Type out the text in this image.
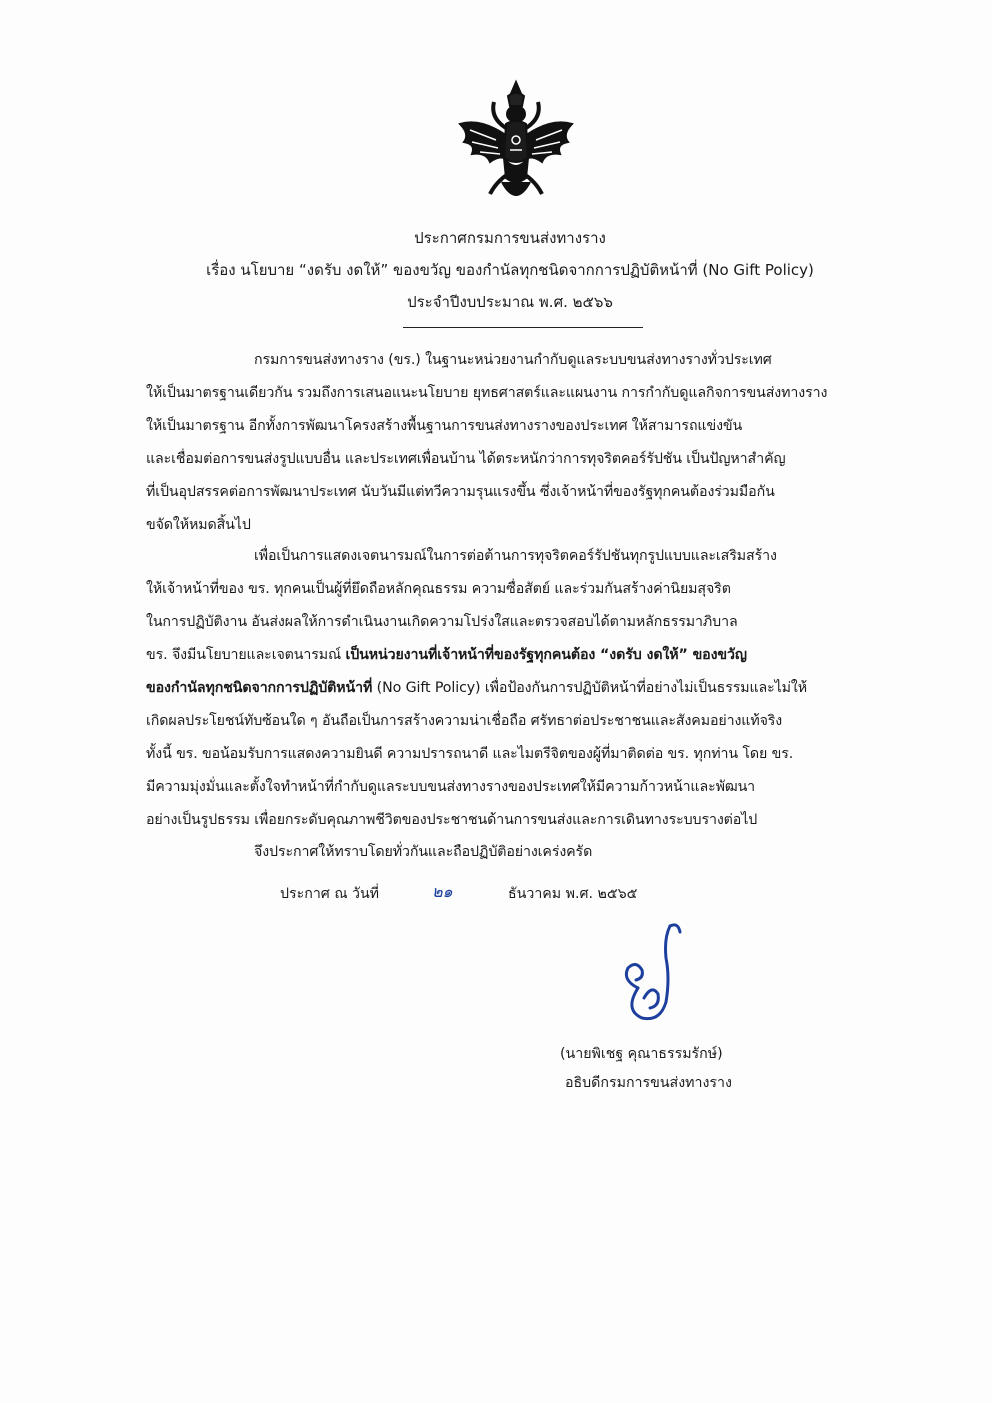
ประกาศกรมการขนส่งทางราง
เรื่อง นโยบาย “งดรับ งดให้” ของขวัญ ของกำนัลทุกชนิดจากการปฏิบัติหน้าที่ (No Gift Policy)
ประจำปีงบประมาณ พ.ศ. ๒๕๖๖
กรมการขนส่งทางราง (ขร.) ในฐานะหน่วยงานกำกับดูแลระบบขนส่งทางรางทั่วประเทศ
ให้เป็นมาตรฐานเดียวกัน รวมถึงการเสนอแนะนโยบาย ยุทธศาสตร์และแผนงาน การกำกับดูแลกิจการขนส่งทางราง
ให้เป็นมาตรฐาน อีกทั้งการพัฒนาโครงสร้างพื้นฐานการขนส่งทางรางของประเทศ ให้สามารถแข่งขัน
และเชื่อมต่อการขนส่งรูปแบบอื่น และประเทศเพื่อนบ้าน ได้ตระหนักว่าการทุจริตคอร์รัปชัน เป็นปัญหาสำคัญ
ที่เป็นอุปสรรคต่อการพัฒนาประเทศ นับวันมีแต่ทวีความรุนแรงขึ้น ซึ่งเจ้าหน้าที่ของรัฐทุกคนต้องร่วมมือกัน
ขจัดให้หมดสิ้นไป
เพื่อเป็นการแสดงเจตนารมณ์ในการต่อต้านการทุจริตคอร์รัปชันทุกรูปแบบและเสริมสร้าง
ให้เจ้าหน้าที่ของ ขร. ทุกคนเป็นผู้ที่ยึดถือหลักคุณธรรม ความซื่อสัตย์ และร่วมกันสร้างค่านิยมสุจริต
ในการปฏิบัติงาน อันส่งผลให้การดำเนินงานเกิดความโปร่งใสและตรวจสอบได้ตามหลักธรรมาภิบาล
ขร. จึงมีนโยบายและเจตนารมณ์ เป็นหน่วยงานที่เจ้าหน้าที่ของรัฐทุกคนต้อง “งดรับ งดให้” ของขวัญ
ของกำนัลทุกชนิดจากการปฏิบัติหน้าที่ (No Gift Policy) เพื่อป้องกันการปฏิบัติหน้าที่อย่างไม่เป็นธรรมและไม่ให้
เกิดผลประโยชน์ทับซ้อนใด ๆ อันถือเป็นการสร้างความน่าเชื่อถือ ศรัทธาต่อประชาชนและสังคมอย่างแท้จริง
ทั้งนี้ ขร. ขอน้อมรับการแสดงความยินดี ความปรารถนาดี และไมตรีจิตของผู้ที่มาติดต่อ ขร. ทุกท่าน โดย ขร.
มีความมุ่งมั่นและตั้งใจทำหน้าที่กำกับดูแลระบบขนส่งทางรางของประเทศให้มีความก้าวหน้าและพัฒนา
อย่างเป็นรูปธรรม เพื่อยกระดับคุณภาพชีวิตของประชาชนด้านการขนส่งและการเดินทางระบบรางต่อไป
จึงประกาศให้ทราบโดยทั่วกันและถือปฏิบัติอย่างเคร่งครัด
ประกาศ ณ วันที่	๒๑	ธันวาคม พ.ศ. ๒๕๖๕
(นายพิเชฐ คุณาธรรมรักษ์)
อธิบดีกรมการขนส่งทางราง
